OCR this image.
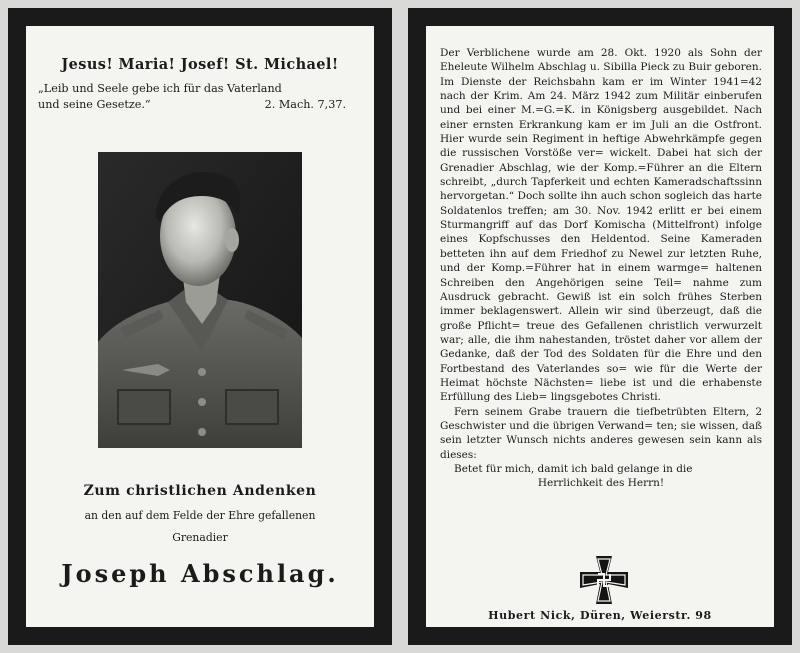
Jesus! Maria! Josef! St. Michael!
„Leib und Seele gebe ich für das Vaterland
und seine Gesetze.“	2. Mach. 7,37.
Zum christlichen Andenken
an den auf dem Felde der Ehre gefallenen
Grenadier
Joseph Abschlag.

Der Verblichene wurde am 28. Okt. 1920 als Sohn der Eheleute Wilhelm Abschlag u. Sibilla Pieck zu Buir geboren. Im Dienste der Reichsbahn kam er im Winter 1941=42 nach der Krim. Am 24. März 1942 zum Militär einberufen und bei einer M.=G.=K. in Königsberg ausgebildet. Nach einer ernsten Erkrankung kam er im Juli an die Ostfront. Hier wurde sein Regiment in heftige Abwehrkämpfe gegen die russischen Vorstöße ver= wickelt. Dabei hat sich der Grenadier Abschlag, wie der Komp.=Führer an die Eltern schreibt, „durch Tapferkeit und echten Kameradschaftssinn hervorgetan.“ Doch sollte ihn auch schon sogleich das harte Soldatenlos treffen; am 30. Nov. 1942 erlitt er bei einem Sturmangriff auf das Dorf Komischa (Mittelfront) infolge eines Kopfschusses den Heldentod. Seine Kameraden betteten ihn auf dem Friedhof zu Newel zur letzten Ruhe, und der Komp.=Führer hat in einem warmge= haltenen Schreiben den Angehörigen seine Teil= nahme zum Ausdruck gebracht. Gewiß ist ein solch frühes Sterben immer beklagenswert. Allein wir sind überzeugt, daß die große Pflicht= treue des Gefallenen christlich verwurzelt war; alle, die ihm nahestanden, tröstet daher vor allem der Gedanke, daß der Tod des Soldaten für die Ehre und den Fortbestand des Vaterlandes so= wie für die Werte der Heimat höchste Nächsten= liebe ist und die erhabenste Erfüllung des Lieb= lingsgebotes Christi.

Fern seinem Grabe trauern die tiefbetrübten Eltern, 2 Geschwister und die übrigen Verwand= ten; sie wissen, daß sein letzter Wunsch nichts anderes gewesen sein kann als dieses:

Betet für mich, damit ich bald gelange in die

Herrlichkeit des Herrn!

Hubert Nick, Düren, Weierstr. 98
